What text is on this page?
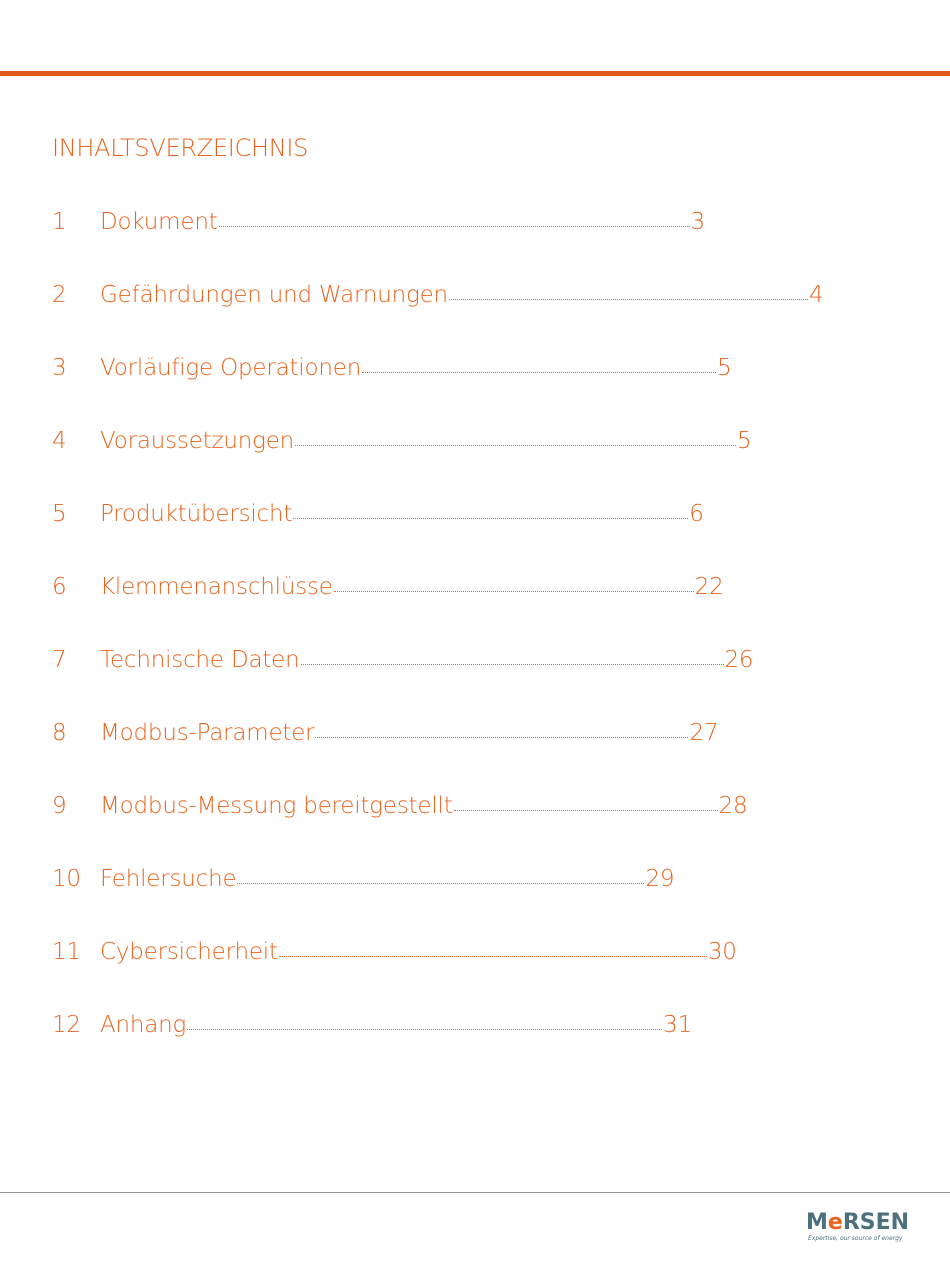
INHALTSVERZEICHNIS
1	Dokument	3
2	Gefährdungen und Warnungen	4
3	Vorläufige Operationen	5
4	Voraussetzungen	5
5	Produktübersicht	6
6	Klemmenanschlüsse	22
7	Technische Daten	26
8	Modbus-Parameter	27
9	Modbus-Messung bereitgestellt	28
10 Fehlersuche	29
11 Cybersicherheit	30
12 Anhang	31
MeRSEN
Expertise, our source of energy
